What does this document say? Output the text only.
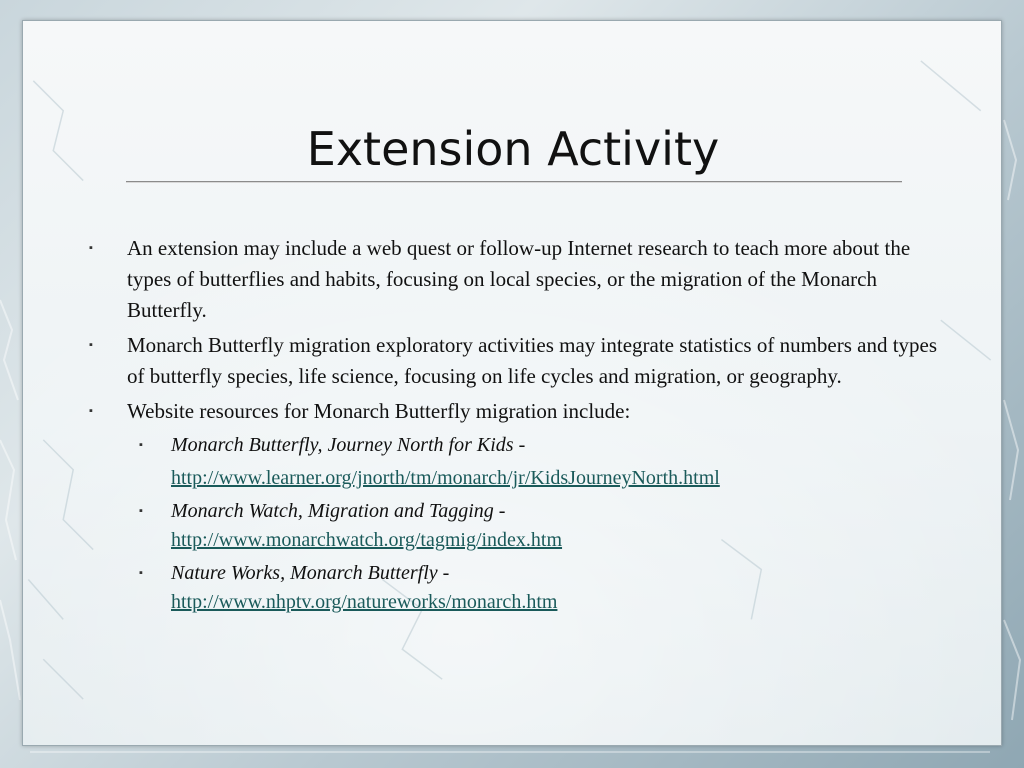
Extension Activity
▪	An extension may include a web quest or follow-up Internet research to teach more about the types of butterflies and habits, focusing on local species, or the migration of the Monarch Butterfly.
▪	Monarch Butterfly migration exploratory activities may integrate statistics of numbers and types of butterfly species, life science, focusing on life cycles and migration, or geography.
▪	Website resources for Monarch Butterfly migration include:
▪	Monarch Butterfly, Journey North for Kids -
http://www.learner.org/jnorth/tm/monarch/jr/KidsJourneyNorth.html
▪	Monarch Watch, Migration and Tagging -
http://www.monarchwatch.org/tagmig/index.htm
▪	Nature Works, Monarch Butterfly -
http://www.nhptv.org/natureworks/monarch.htm
